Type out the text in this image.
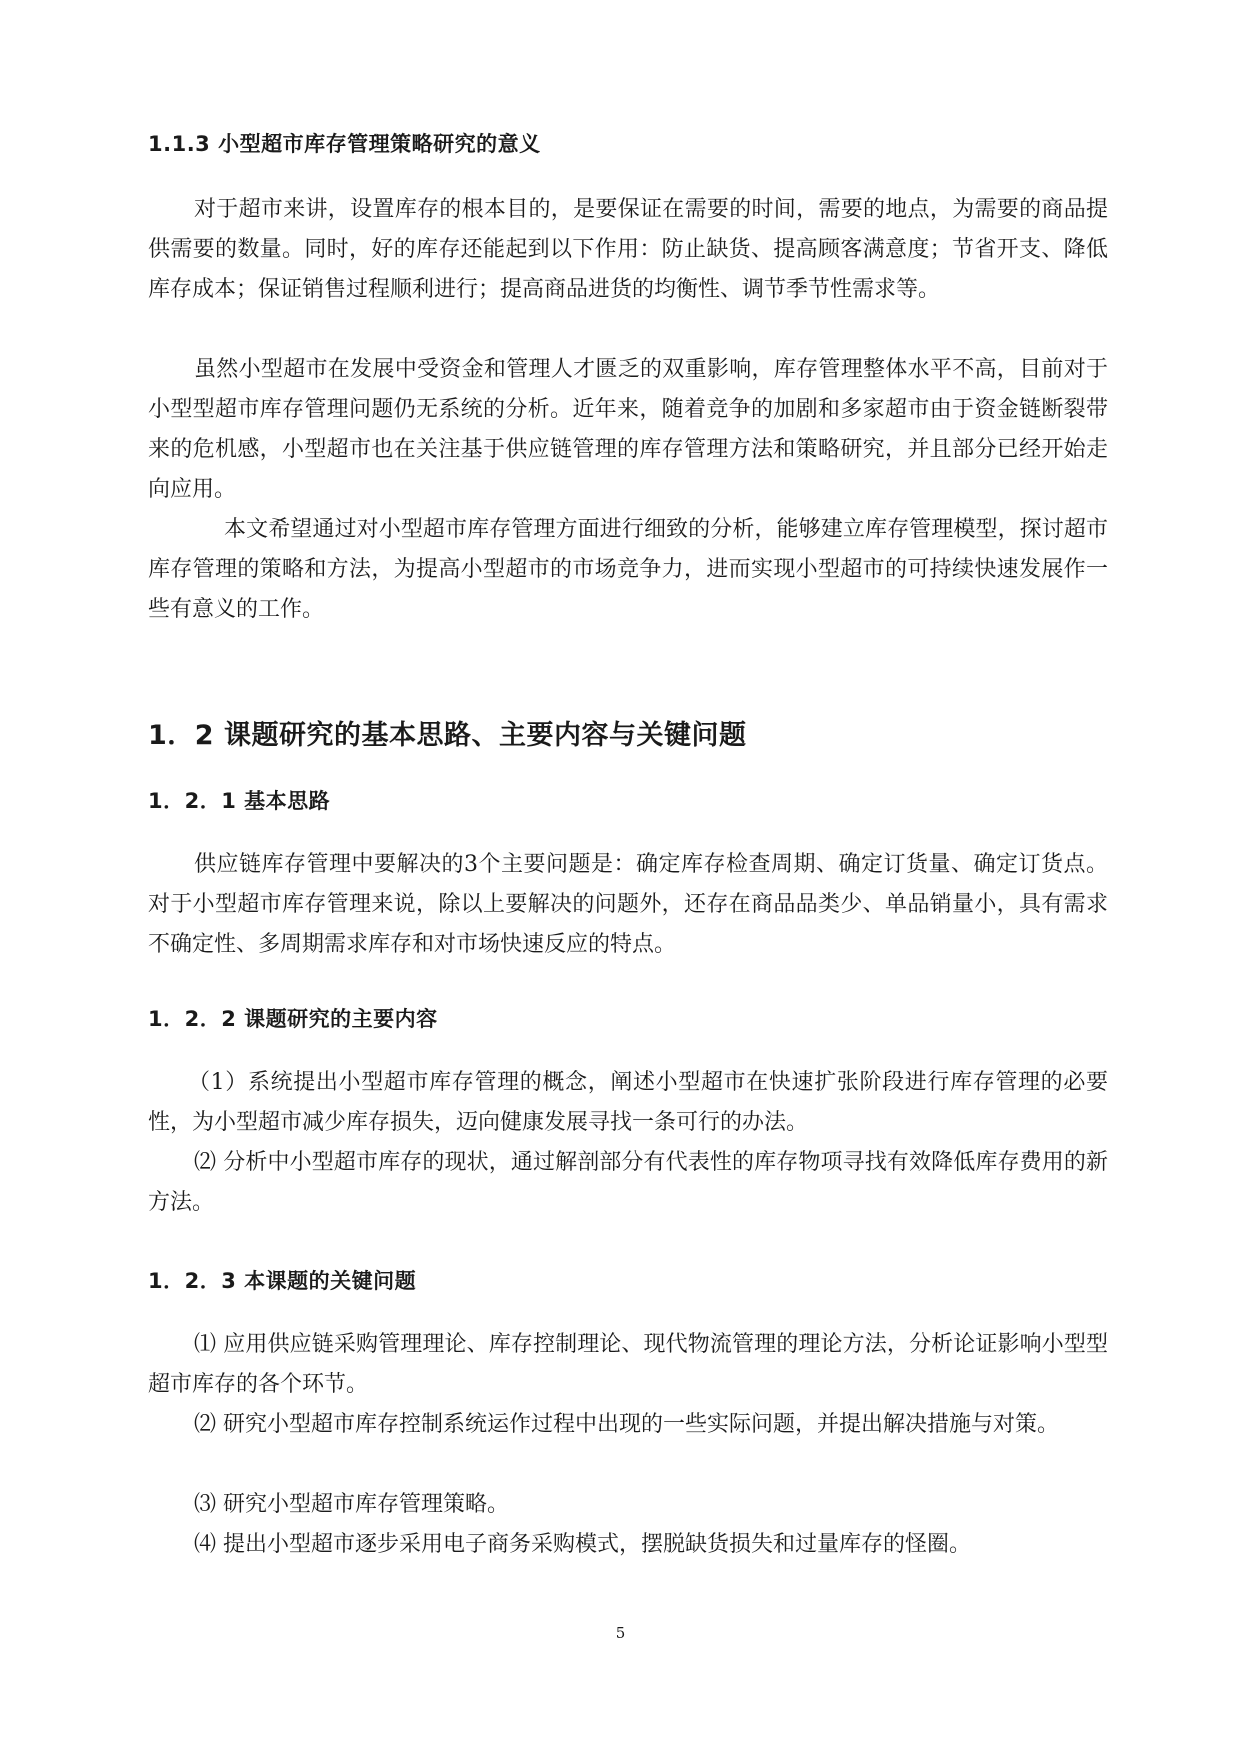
1.1.3 小型超市库存管理策略研究的意义

对于超市来讲，设置库存的根本目的，是要保证在需要的时间，需要的地点，为需要的商品提供需要的数量。同时，好的库存还能起到以下作用：防止缺货、提高顾客满意度；节省开支、降低库存成本；保证销售过程顺利进行；提高商品进货的均衡性、调节季节性需求等。

虽然小型超市在发展中受资金和管理人才匮乏的双重影响，库存管理整体水平不高，目前对于小型型超市库存管理问题仍无系统的分析。近年来，随着竞争的加剧和多家超市由于资金链断裂带来的危机感，小型超市也在关注基于供应链管理的库存管理方法和策略研究，并且部分已经开始走向应用。

本文希望通过对小型超市库存管理方面进行细致的分析，能够建立库存管理模型，探讨超市库存管理的策略和方法，为提高小型超市的市场竞争力，进而实现小型超市的可持续快速发展作一些有意义的工作。

1．2 课题研究的基本思路、主要内容与关键问题
1．2．1 基本思路

供应链库存管理中要解决的3个主要问题是：确定库存检查周期、确定订货量、确定订货点。对于小型超市库存管理来说，除以上要解决的问题外，还存在商品品类少、单品销量小，具有需求不确定性、多周期需求库存和对市场快速反应的特点。

1．2．2 课题研究的主要内容

（1）系统提出小型超市库存管理的概念，阐述小型超市在快速扩张阶段进行库存管理的必要性，为小型超市减少库存损失，迈向健康发展寻找一条可行的办法。

⑵ 分析中小型超市库存的现状，通过解剖部分有代表性的库存物项寻找有效降低库存费用的新方法。

1．2．3 本课题的关键问题

⑴ 应用供应链采购管理理论、库存控制理论、现代物流管理的理论方法，分析论证影响小型型超市库存的各个环节。

⑵ 研究小型超市库存控制系统运作过程中出现的一些实际问题，并提出解决措施与对策。

⑶ 研究小型超市库存管理策略。

⑷ 提出小型超市逐步采用电子商务采购模式，摆脱缺货损失和过量库存的怪圈。

5
